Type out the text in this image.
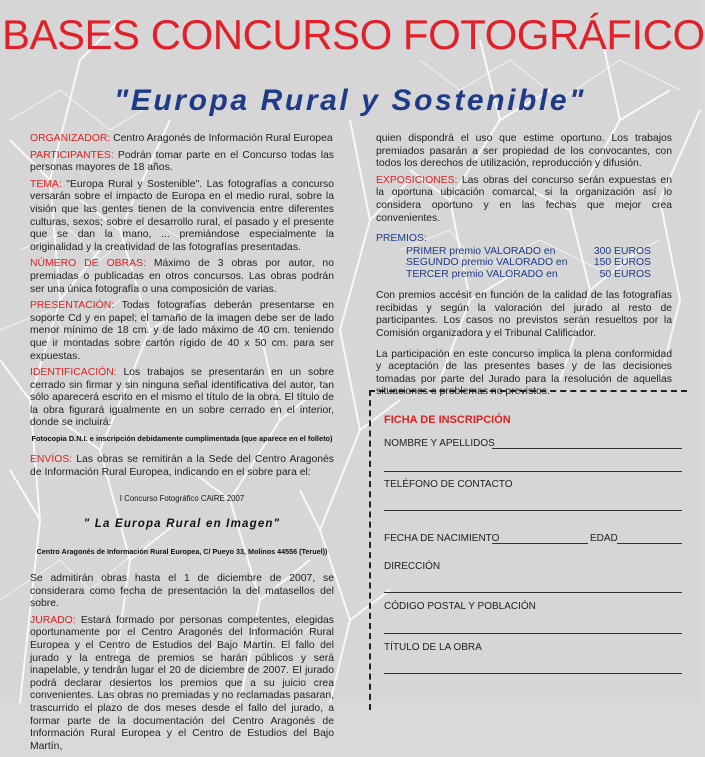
BASES CONCURSO FOTOGRÁFICO
"Europa Rural y Sostenible"

ORGANIZADOR: Centro Aragonés de Información Rural Europea

PARTICIPANTES: Podrán tomar parte en el Concurso todas las personas mayores de 18 años.

TEMA: "Europa Rural y Sostenible". Las fotografías a concurso versarán sobre el impacto de Europa en el medio rural, sobre la visión que las gentes tienen de la convivencia entre diferentes culturas, sexos; sobre el desarrollo rural, el pasado y el presente que se dan la mano, ... premiándose especialmente la originalidad y la creatividad de las fotografías presentadas.

NÚMERO DE OBRAS: Máximo de 3 obras por autor, no premiadas o publicadas en otros concursos. Las obras podrán ser una única fotografía o una composición de varias.

PRESENTACIÓN: Todas fotografías deberán presentarse en soporte Cd y en papel; el tamaño de la imagen debe ser de lado menor mínimo de 18 cm. y de lado máximo de 40 cm. teniendo que ir montadas sobre cartón rígido de 40 x 50 cm. para ser expuestas.

IDENTIFICACIÓN: Los trabajos se presentarán en un sobre cerrado sin firmar y sin ninguna señal identificativa del autor, tan sólo aparecerá escrito en el mismo el título de la obra. El título de la obra figurará igualmente en un sobre cerrado en el interior, donde se incluirá:

Fotocopia D.N.I. e inscripción debidamente cumplimentada (que aparece en el folleto)

ENVÍOS: Las obras se remitirán a la Sede del Centro Aragonés de Información Rural Europea, indicando en el sobre para el:

I Concurso Fotográfico CAIRE 2007
" La Europa Rural en Imagen"
Centro Aragonés de Información Rural Europea, C/ Pueyo 33, Molinos 44556 (Teruel))

Se admitirán obras hasta el 1 de diciembre de 2007, se considerara como fecha de presentación la del matasellos del sobre.

JURADO: Estará formado por personas competentes, elegidas oportunamente por el Centro Aragonés del Información Rural Europea y el Centro de Estudios del Bajo Martín. El fallo del jurado y la entrega de premios se harán públicos y será inapelable, y tendrán lugar el 20 de diciembre de 2007. El jurado podrá declarar desiertos los premios que a su juicio crea convenientes. Las obras no premiadas y no reclamadas pasaran, trascurrido el plazo de dos meses desde el fallo del jurado, a formar parte de la documentación del Centro Aragonés de Información Rural Europea y el Centro de Estudios del Bajo Martín,

quien dispondrá el uso que estime oportuno. Los trabajos premiados pasarán a ser propiedad de los convocantes, con todos los derechos de utilización, reproducción y difusión.

EXPOSICIONES: Las obras del concurso serán expuestas en la oportuna ubicación comarcal, si la organización así lo considera oportuno y en las fechas que mejor crea convenientes.

PREMIOS:
PRIMER premio VALORADO en	300 EUROS
SEGUNDO premio VALORADO en	150 EUROS
TERCER premio VALORADO en	50 EUROS

Con premios accésit en función de la calidad de las fotografías recibidas y según la valoración del jurado al resto de participantes. Los casos no previstos serán resueltos por la Comisión organizadora y el Tribunal Calificador.

La participación en este concurso implica la plena conformidad y aceptación de las presentes bases y de las decisiones tomadas por parte del Jurado para la resolución de aquellas situaciones o problemas no previstos.

FICHA DE INSCRIPCIÓN
NOMBRE Y APELLIDOS
TELÉFONO DE CONTACTO
FECHA DE NACIMIENTO	EDAD
DIRECCIÓN
CÓDIGO POSTAL Y POBLACIÓN
TÍTULO DE LA OBRA
